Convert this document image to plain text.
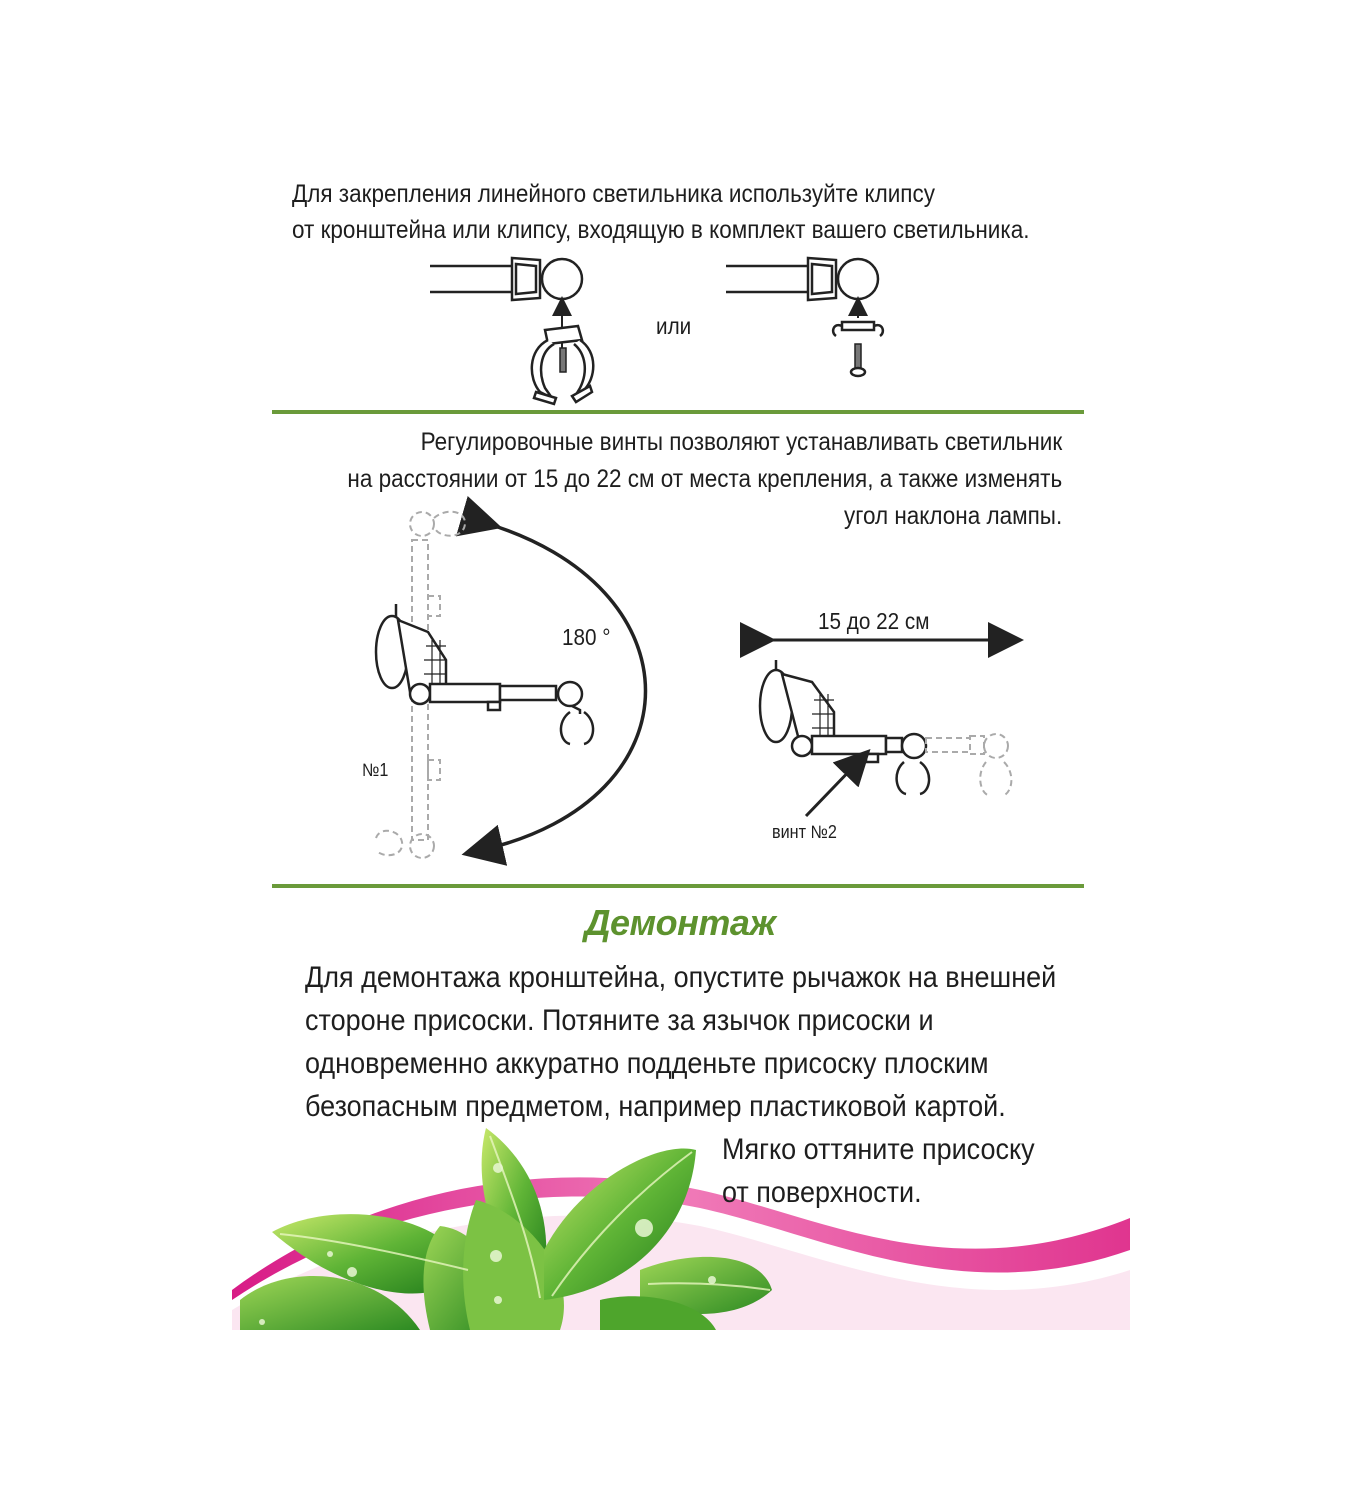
Для закрепления линейного светильника используйте клипсу
от кронштейна или клипсу, входящую в комплект вашего светильника.
или
Регулировочные винты позволяют устанавливать светильник
на расстоянии от 15 до 22 см от места крепления, а также изменять
угол наклона лампы.
180 °
№1
15 до 22 см
винт №2
Демонтаж
Для демонтажа кронштейна, опустите рычажок на внешней
стороне присоски. Потяните за язычок присоски и
одновременно аккуратно подденьте присоску плоским
безопасным предметом, например пластиковой картой.
Мягко оттяните присоску
от поверхности.
